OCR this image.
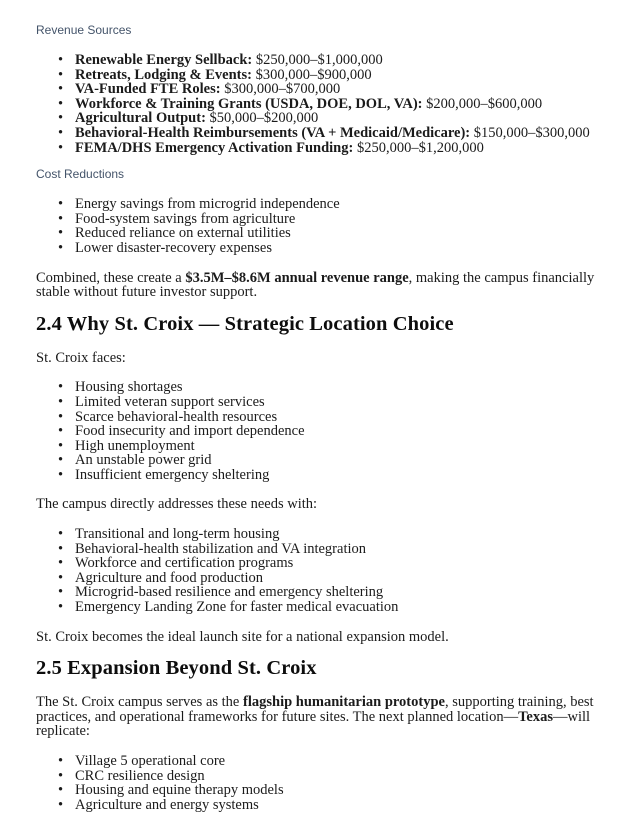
Revenue Sources
• Renewable Energy Sellback: $250,000–$1,000,000
• Retreats, Lodging & Events: $300,000–$900,000
• VA-Funded FTE Roles: $300,000–$700,000
• Workforce & Training Grants (USDA, DOE, DOL, VA): $200,000–$600,000
• Agricultural Output: $50,000–$200,000
• Behavioral-Health Reimbursements (VA + Medicaid/Medicare): $150,000–$300,000
• FEMA/DHS Emergency Activation Funding: $250,000–$1,200,000
Cost Reductions
• Energy savings from microgrid independence
• Food-system savings from agriculture
• Reduced reliance on external utilities
• Lower disaster-recovery expenses

Combined, these create a $3.5M–$8.6M annual revenue range, making the campus financially stable without future investor support.

2.4 Why St. Croix — Strategic Location Choice

St. Croix faces:

• Housing shortages
• Limited veteran support services
• Scarce behavioral-health resources
• Food insecurity and import dependence
• High unemployment
• An unstable power grid
• Insufficient emergency sheltering

The campus directly addresses these needs with:

• Transitional and long-term housing
• Behavioral-health stabilization and VA integration
• Workforce and certification programs
• Agriculture and food production
• Microgrid-based resilience and emergency sheltering
• Emergency Landing Zone for faster medical evacuation

St. Croix becomes the ideal launch site for a national expansion model.

2.5 Expansion Beyond St. Croix

The St. Croix campus serves as the flagship humanitarian prototype, supporting training, best practices, and operational frameworks for future sites. The next planned location—Texas—will replicate:

• Village 5 operational core
• CRC resilience design
• Housing and equine therapy models
• Agriculture and energy systems
